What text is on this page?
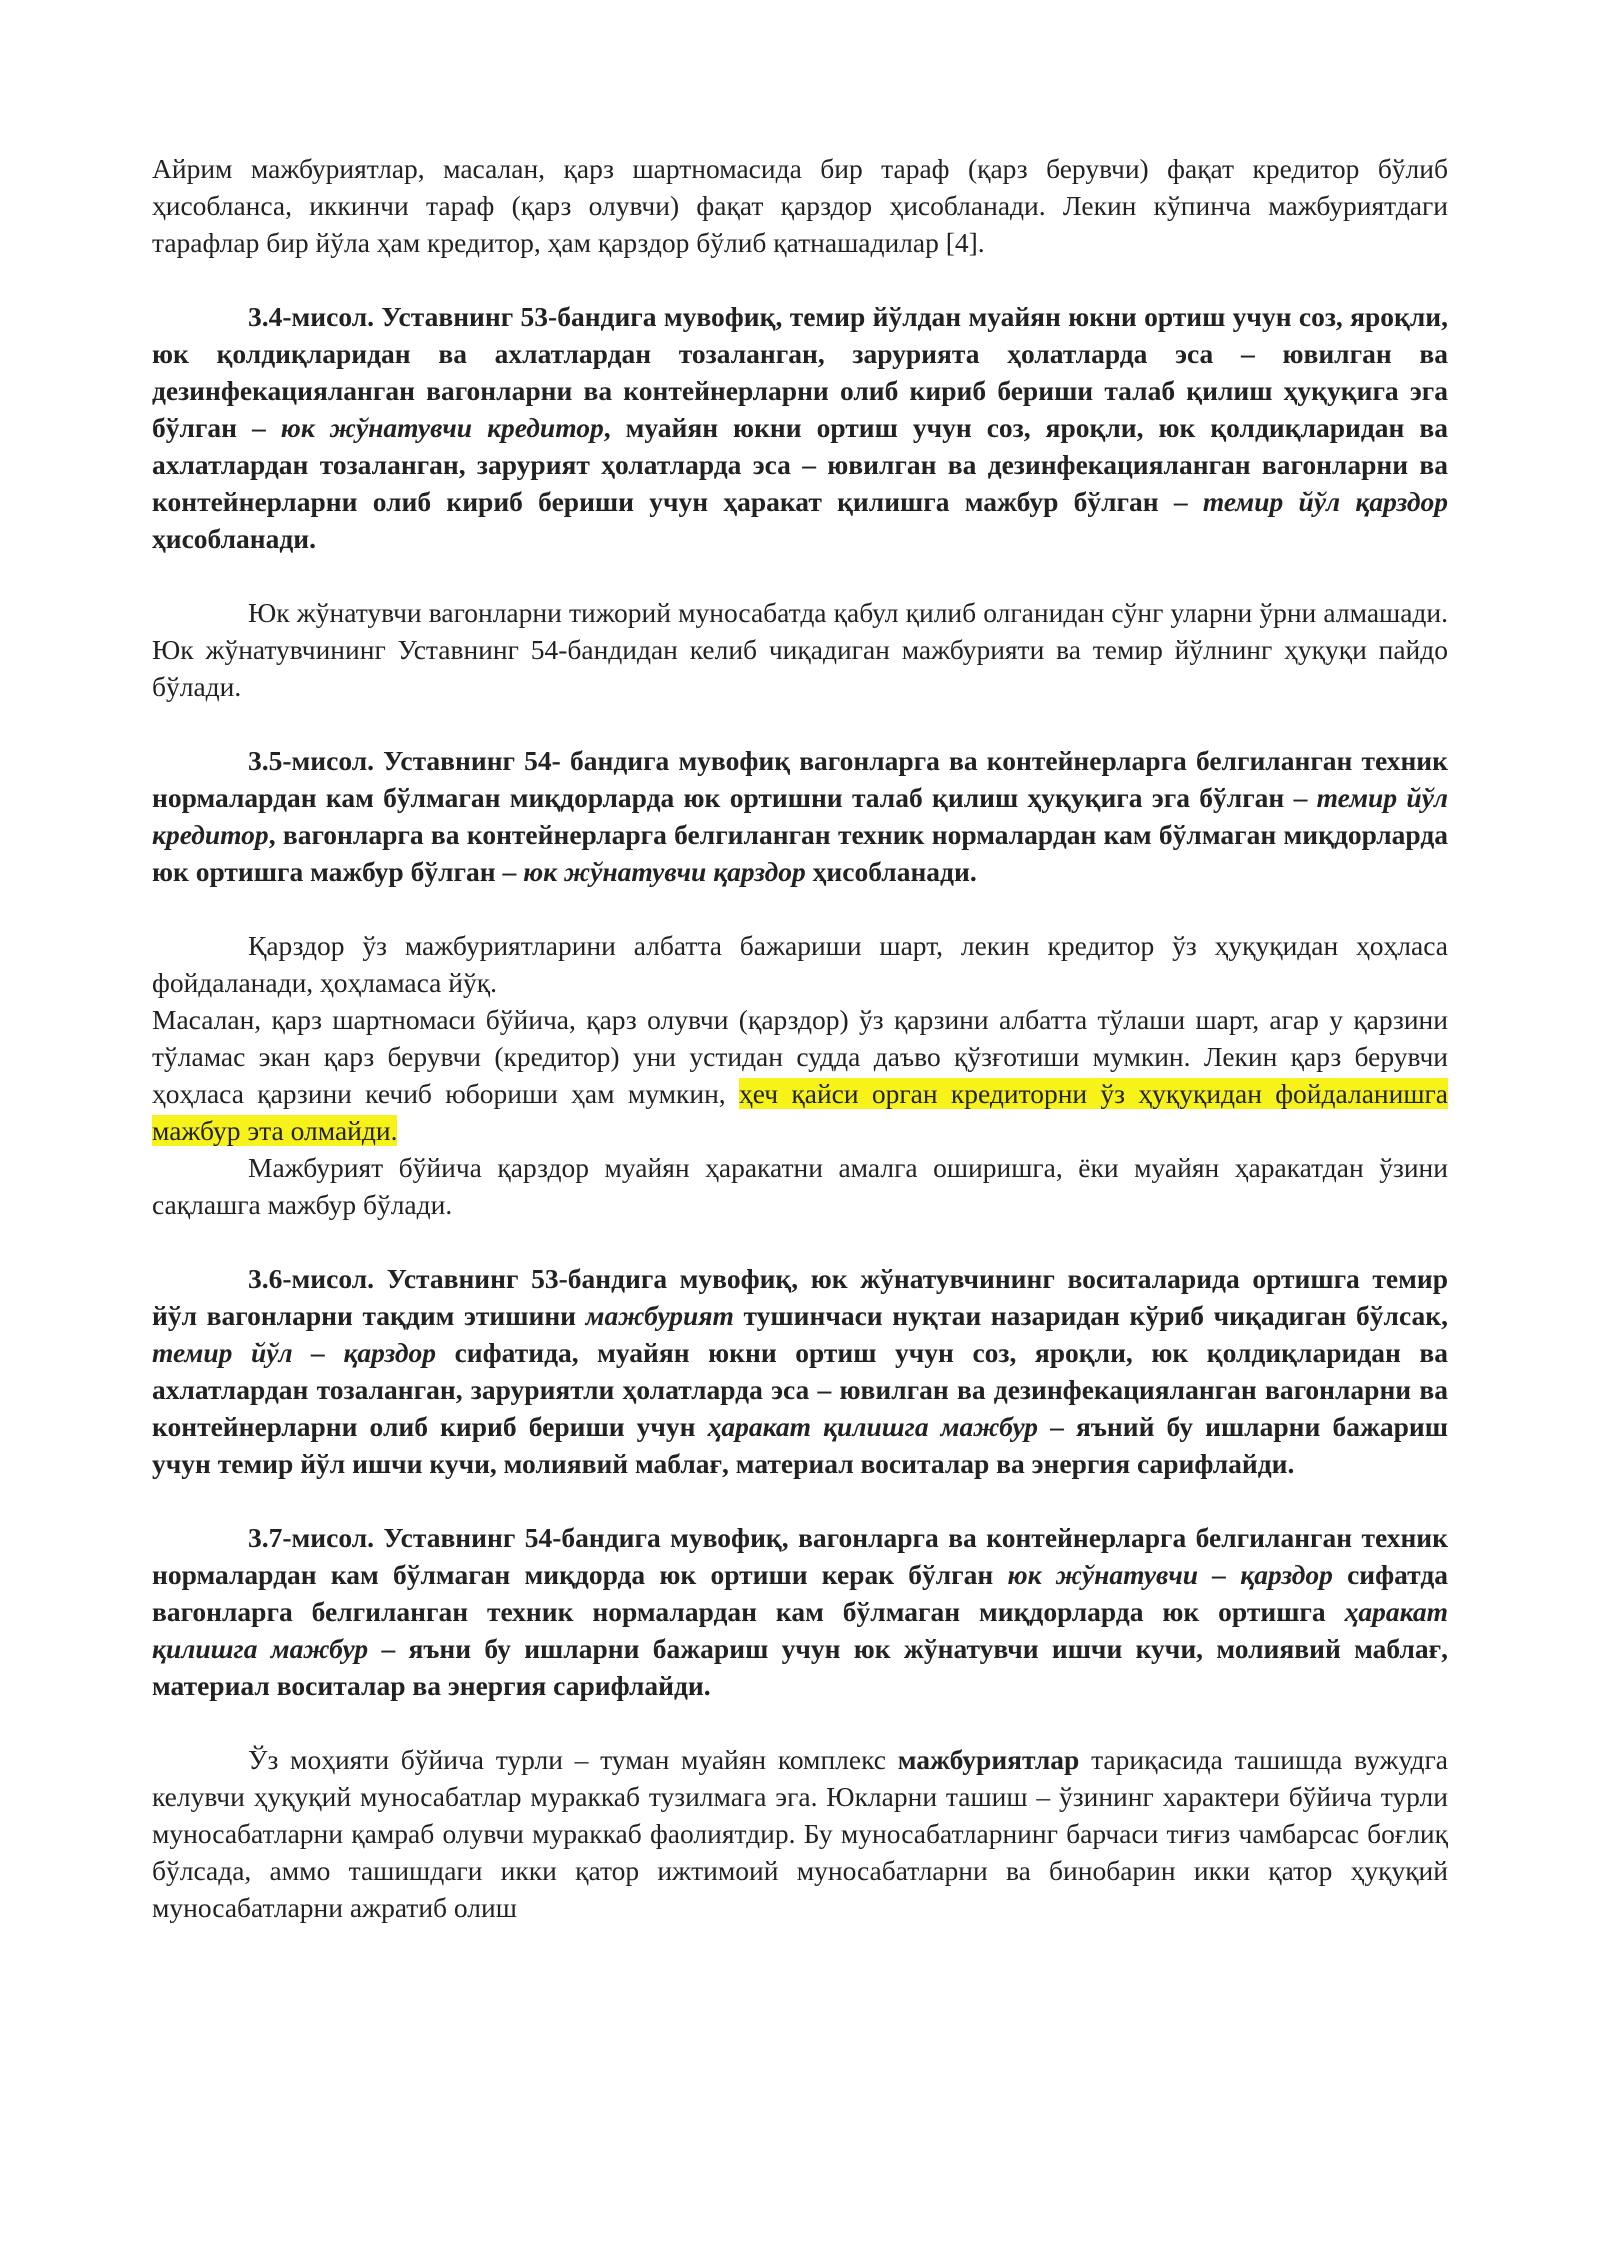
Айрим мажбуриятлар, масалан, қарз шартномасида бир тараф (қарз берувчи) фақат кредитор бўлиб ҳисобланса, иккинчи тараф (қарз олувчи) фақат қарздор ҳисобланади. Лекин кўпинча мажбуриятдаги тарафлар бир йўла ҳам кредитор, ҳам қарздор бўлиб қатнашадилар [4].

3.4-мисол. Уставнинг 53-бандига мувофиқ, темир йўлдан муайян юкни ортиш учун соз, яроқли, юк қолдиқларидан ва ахлатлардан тозаланган, зарурията ҳолатларда эса – ювилган ва дезинфекацияланган вагонларни ва контейнерларни олиб кириб бериши талаб қилиш ҳуқуқига эга бўлган – юк жўнатувчи кредитор, муайян юкни ортиш учун соз, яроқли, юк қолдиқларидан ва ахлатлардан тозаланган, зарурият ҳолатларда эса – ювилган ва дезинфекацияланган вагонларни ва контейнерларни олиб кириб бериши учун ҳаракат қилишга мажбур бўлган – темир йўл қарздор ҳисобланади.

Юк жўнатувчи вагонларни тижорий муносабатда қабул қилиб олганидан сўнг уларни ўрни алмашади. Юк жўнатувчининг Уставнинг 54-бандидан келиб чиқадиган мажбурияти ва темир йўлнинг ҳуқуқи пайдо бўлади.

3.5-мисол. Уставнинг 54- бандига мувофиқ вагонларга ва контейнерларга белгиланган техник нормалардан кам бўлмаган миқдорларда юк ортишни талаб қилиш ҳуқуқига эга бўлган – темир йўл кредитор, вагонларга ва контейнерларга белгиланган техник нормалардан кам бўлмаган миқдорларда юк ортишга мажбур бўлган – юк жўнатувчи қарздор ҳисобланади.

Қарздор ўз мажбуриятларини албатта бажариши шарт, лекин кредитор ўз ҳуқуқидан ҳоҳласа фойдаланади, ҳоҳламаса йўқ.

Масалан, қарз шартномаси бўйича, қарз олувчи (қарздор) ўз қарзини албатта тўлаши шарт, агар у қарзини тўламас экан қарз берувчи (кредитор) уни устидан судда даъво қўзғотиши мумкин. Лекин қарз берувчи ҳоҳласа қарзини кечиб юбориши ҳам мумкин, ҳеч қайси орган кредиторни ўз ҳуқуқидан фойдаланишга мажбур эта олмайди.

Мажбурият бўйича қарздор муайян ҳаракатни амалга оширишга, ёки муайян ҳаракатдан ўзини сақлашга мажбур бўлади.

3.6-мисол. Уставнинг 53-бандига мувофиқ, юк жўнатувчининг воситаларида ортишга темир йўл вагонларни тақдим этишини мажбурият тушинчаси нуқтаи назаридан кўриб чиқадиган бўлсак, темир йўл – қарздор сифатида, муайян юкни ортиш учун соз, яроқли, юк қолдиқларидан ва ахлатлардан тозаланган, заруриятли ҳолатларда эса – ювилган ва дезинфекацияланган вагонларни ва контейнерларни олиб кириб бериши учун ҳаракат қилишга мажбур – яъний бу ишларни бажариш учун темир йўл ишчи кучи, молиявий маблағ, материал воситалар ва энергия сарифлайди.

3.7-мисол. Уставнинг 54-бандига мувофиқ, вагонларга ва контейнерларга белгиланган техник нормалардан кам бўлмаган миқдорда юк ортиши керак бўлган юк жўнатувчи – қарздор сифатда вагонларга белгиланган техник нормалардан кам бўлмаган миқдорларда юк ортишга ҳаракат қилишга мажбур – яъни бу ишларни бажариш учун юк жўнатувчи ишчи кучи, молиявий маблағ, материал воситалар ва энергия сарифлайди.

Ўз моҳияти бўйича турли – туман муайян комплекс мажбуриятлар тариқасида ташишда вужудга келувчи ҳуқуқий муносабатлар мураккаб тузилмага эга. Юкларни ташиш – ўзининг характери бўйича турли муносабатларни қамраб олувчи мураккаб фаолиятдир. Бу муносабатларнинг барчаси тиғиз чамбарсас боғлиқ бўлсада, аммо ташишдаги икки қатор ижтимоий муносабатларни ва бинобарин икки қатор ҳуқуқий муносабатларни ажратиб олиш
